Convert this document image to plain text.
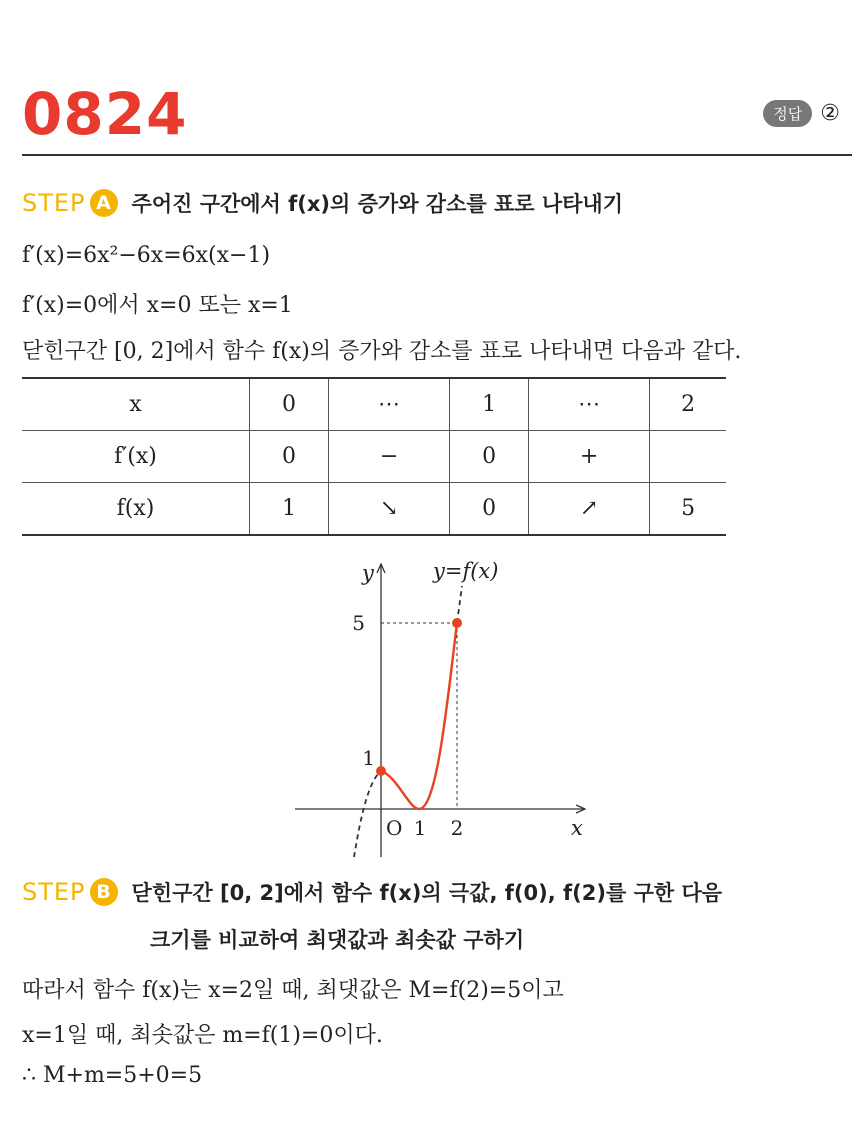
0824	정답 ②
STEP A 주어진 구간에서 f(x)의 증가와 감소를 표로 나타내기
f′(x)=6x²−6x=6x(x−1)
f′(x)=0에서 x=0 또는 x=1
닫힌구간 [0, 2]에서 함수 f(x)의 증가와 감소를 표로 나타내면 다음과 같다.
x	0	⋯	1	⋯	2
f′(x)	0	−	0	+	
f(x)	1	↘	0	↗	5
y	y=f(x)
5
1
O 1 2	x
STEP B 닫힌구간 [0, 2]에서 함수 f(x)의 극값, f(0), f(2)를 구한 다음
크기를 비교하여 최댓값과 최솟값 구하기
따라서 함수 f(x)는 x=2일 때, 최댓값은 M=f(2)=5이고
x=1일 때, 최솟값은 m=f(1)=0이다.
∴ M+m=5+0=5
